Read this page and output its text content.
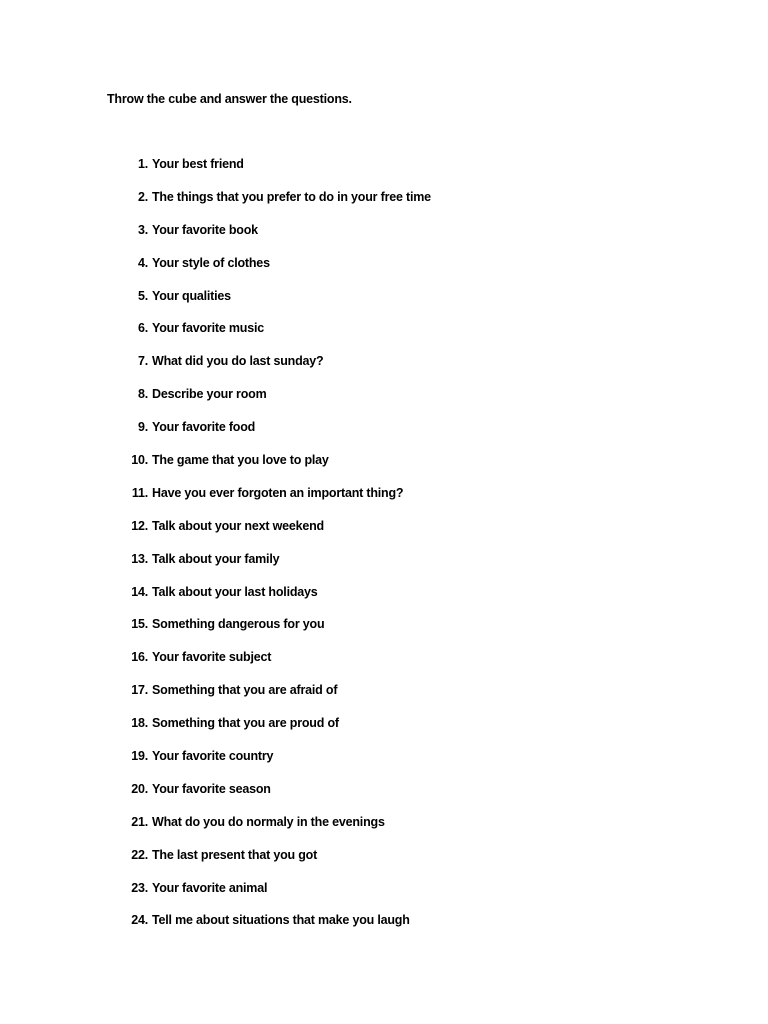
Throw the cube and answer the questions.

1. Your best friend
2. The things that you prefer to do in your free time
3. Your favorite book
4. Your style of clothes
5. Your qualities
6. Your favorite music
7. What did you do last sunday?
8. Describe your room
9. Your favorite food
10. The game that you love to play
11. Have you ever forgoten an important thing?
12. Talk about your next weekend
13. Talk about your family
14. Talk about your last holidays
15. Something dangerous for you
16. Your favorite subject
17. Something that you are afraid of
18. Something that you are proud of
19. Your favorite country
20. Your favorite season
21. What do you do normaly in the evenings
22. The last present that you got
23. Your favorite animal
24. Tell me about situations that make you laugh
